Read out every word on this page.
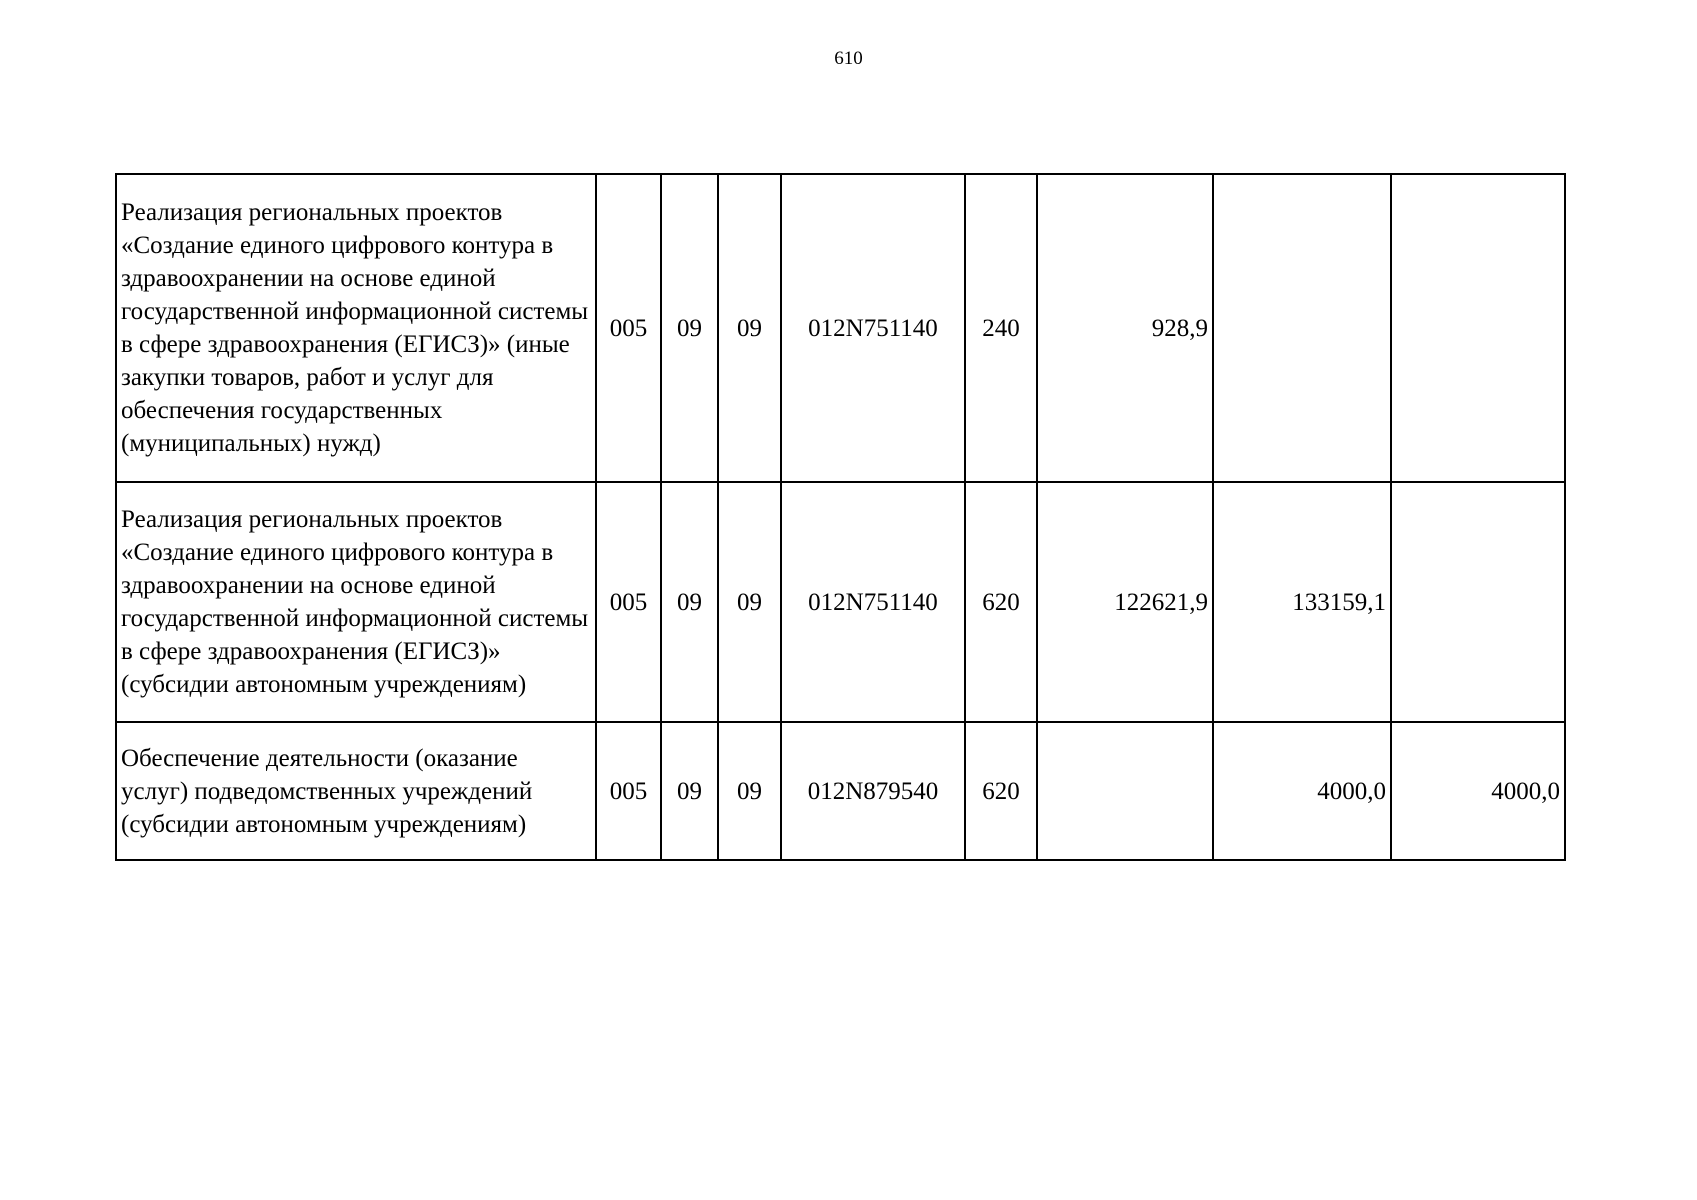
610
Реализация региональных проектов «Создание единого цифрового контура в здравоохранении на основе единой государственной информационной системы в сфере здравоохранения (ЕГИСЗ)» (иные закупки товаров, работ и услуг для обеспечения государственных (муниципальных) нужд)	005	09	09	012N751140	240	928,9		
Реализация региональных проектов «Создание единого цифрового контура в здравоохранении на основе единой государственной информационной системы в сфере здравоохранения (ЕГИСЗ)» (субсидии автономным учреждениям)	005	09	09	012N751140	620	122621,9	133159,1	
Обеспечение деятельности (оказание услуг) подведомственных учреждений (субсидии автономным учреждениям)	005	09	09	012N879540	620		4000,0	4000,0
